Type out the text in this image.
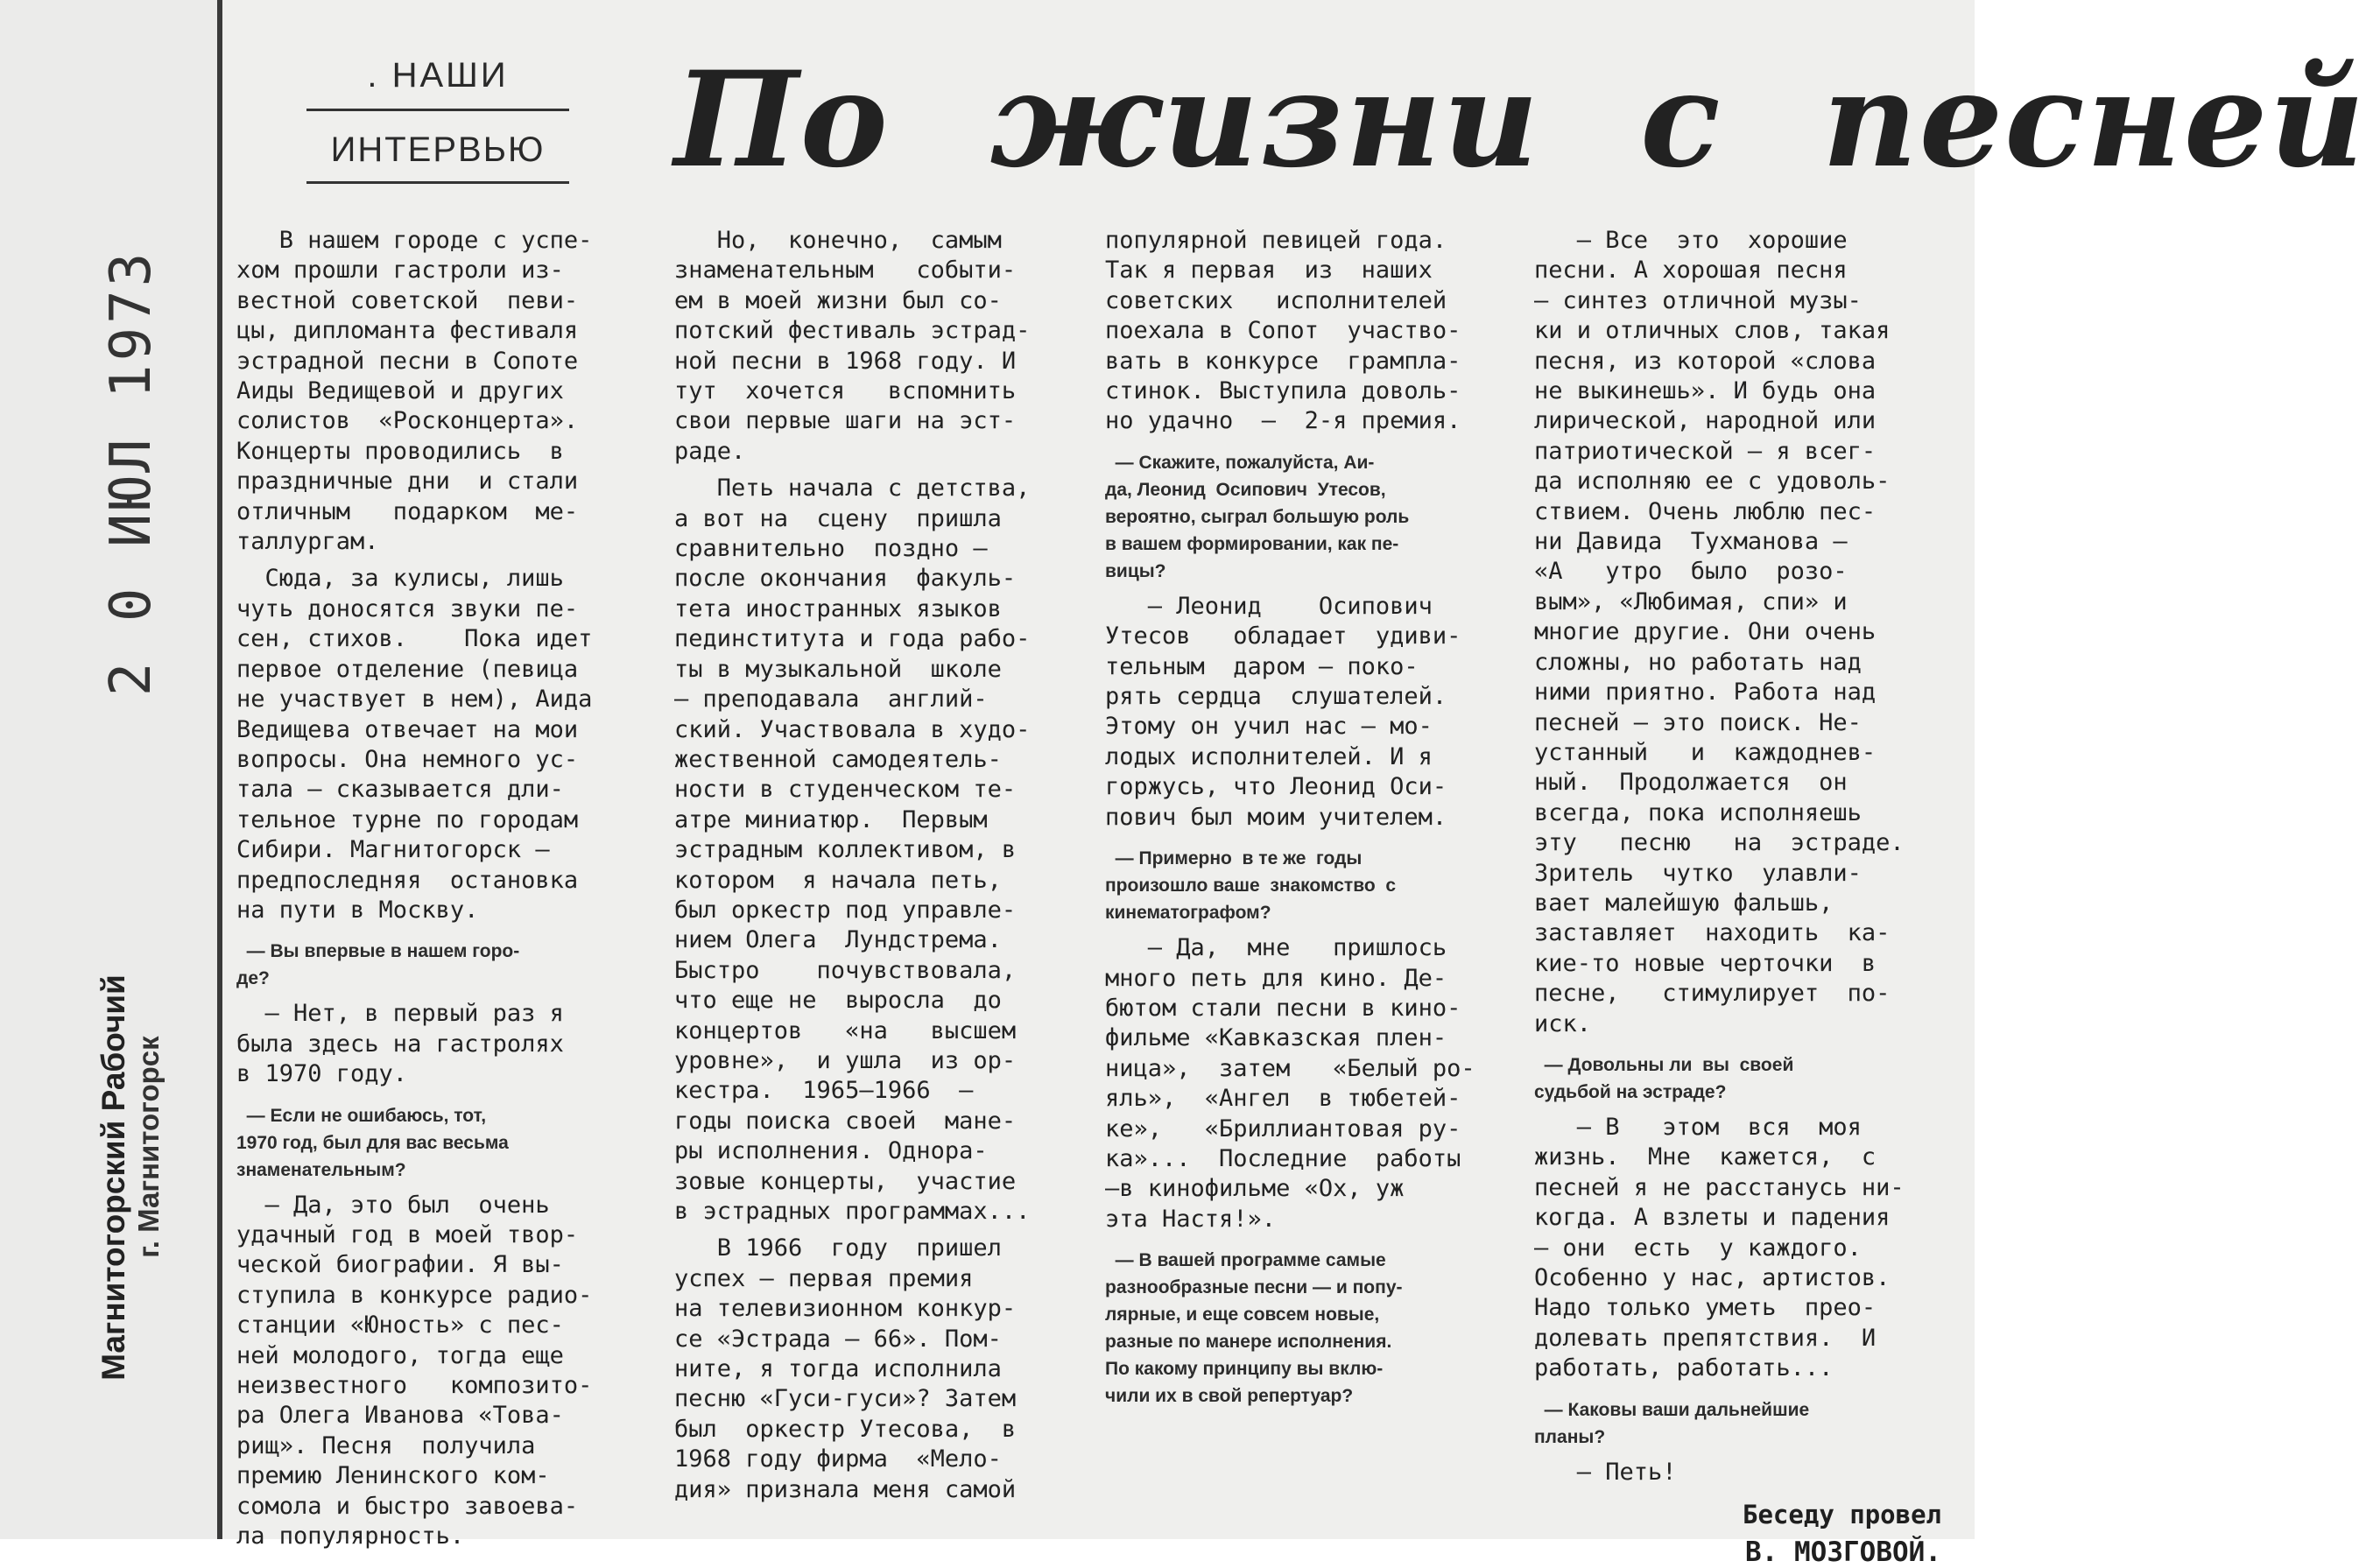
2 0 ИЮЛ 1973
Магнитогорский Рабочий г. Магнитогорск
. НАШИ
ИНТЕРВЬЮ По жизни с песней
В нашем городе с успе-
хом прошли гастроли из-
вестной советской  певи-
цы, дипломанта фестиваля
эстрадной песни в Сопоте
Аиды Ведищевой и других
солистов  «Росконцерта».
Концерты проводились  в
праздничные дни  и стали
отличным   подарком  ме-
таллургам.
Сюда, за кулисы, лишь
чуть доносятся звуки пе-
сен, стихов.    Пока идет
первое отделение (певица
не участвует в нем), Аида
Ведищева отвечает на мои
вопросы. Она немного ус-
тала — сказывается дли-
тельное турне по городам
Сибири. Магнитогорск —
предпоследняя  остановка
на пути в Москву.
— Вы впервые в нашем горо-
де?
— Нет, в первый раз я
была здесь на гастролях
в 1970 году.
— Если не ошибаюсь, тот,
1970 год, был для вас весьма
знаменательным?
— Да, это был  очень
удачный год в моей твор-
ческой биографии. Я вы-
ступила в конкурсе радио-
станции «Юность» с пес-
ней молодого, тогда еще
неизвестного   композито-
ра Олега Иванова «Това-
рищ». Песня  получила
премию Ленинского ком-
сомола и быстро завоева-
ла популярность.
Но,  конечно,  самым
знаменательным   событи-
ем в моей жизни был со-
потский фестиваль эстрад-
ной песни в 1968 году. И
тут  хочется   вспомнить
свои первые шаги на эст-
раде.
Петь начала с детства,
а вот на  сцену  пришла
сравнительно  поздно —
после окончания  факуль-
тета иностранных языков
пединститута и года рабо-
ты в музыкальной  школе
— преподавала  англий-
ский. Участвовала в худо-
жественной самодеятель-
ности в студенческом те-
атре миниатюр.  Первым
эстрадным коллективом, в
котором  я начала петь,
был оркестр под управле-
нием Олега  Лундстрема.
Быстро    почувствовала,
что еще не  выросла  до
концертов   «на   высшем
уровне»,  и ушла  из ор-
кестра.  1965—1966  —
годы поиска своей  мане-
ры исполнения. Однора-
зовые концерты,  участие
в эстрадных программах...
В 1966  году  пришел
успех — первая премия
на телевизионном конкур-
се «Эстрада — 66». Пом-
ните, я тогда исполнила
песню «Гуси-гуси»? Затем
был  оркестр Утесова,  в
1968 году фирма  «Мело-
дия» признала меня самой
популярной певицей года.
Так я первая  из  наших
советских   исполнителей
поехала в Сопот  участво-
вать в конкурсе  грампла-
стинок. Выступила доволь-
но удачно  —  2-я премия.
— Скажите, пожалуйста, Аи-
да, Леонид  Осипович  Утесов,
вероятно, сыграл большую роль
в вашем формировании, как пе-
вицы?
— Леонид    Осипович
Утесов   обладает  удиви-
тельным  даром — поко-
рять сердца  слушателей.
Этому он учил нас — мо-
лодых исполнителей. И я
горжусь, что Леонид Оси-
пович был моим учителем.
— Примерно  в те же  годы
произошло ваше  знакомство  с
кинематографом?
— Да,  мне   пришлось
много петь для кино. Де-
бютом стали песни в кино-
фильме «Кавказская плен-
ница»,  затем   «Белый ро-
яль»,  «Ангел  в тюбетей-
ке»,   «Бриллиантовая ру-
ка»...  Последние  работы
—в кинофильме «Ох, уж
эта Настя!».
— В вашей программе самые
разнообразные песни — и попу-
лярные, и еще совсем новые,
разные по манере исполнения.
По какому принципу вы вклю-
чили их в свой репертуар?
— Все  это  хорошие
песни. А хорошая песня
— синтез отличной музы-
ки и отличных слов, такая
песня, из которой «слова
не выкинешь». И будь она
лирической, народной или
патриотической — я всег-
да исполняю ее с удоволь-
ствием. Очень люблю пес-
ни Давида  Тухманова —
«А   утро  было  розо-
вым», «Любимая, спи» и
многие другие. Они очень
сложны, но работать над
ними приятно. Работа над
песней — это поиск. Не-
устанный   и  каждоднев-
ный.  Продолжается  он
всегда, пока исполняешь
эту   песню   на  эстраде.
Зритель  чутко  улавли-
вает малейшую фальшь,
заставляет  находить  ка-
кие-то новые черточки  в
песне,   стимулирует  по-
иск.
— Довольны ли  вы  своей
судьбой на эстраде?
— В   этом  вся  моя
жизнь.  Мне  кажется,  с
песней я не расстанусь ни-
когда. А взлеты и падения
— они  есть  у каждого.
Особенно у нас, артистов.
Надо только уметь  прео-
долевать препятствия.  И
работать, работать...
— Каковы ваши дальнейшие
планы?
— Петь!
Беседу провел
В. МОЗГОВОЙ.
